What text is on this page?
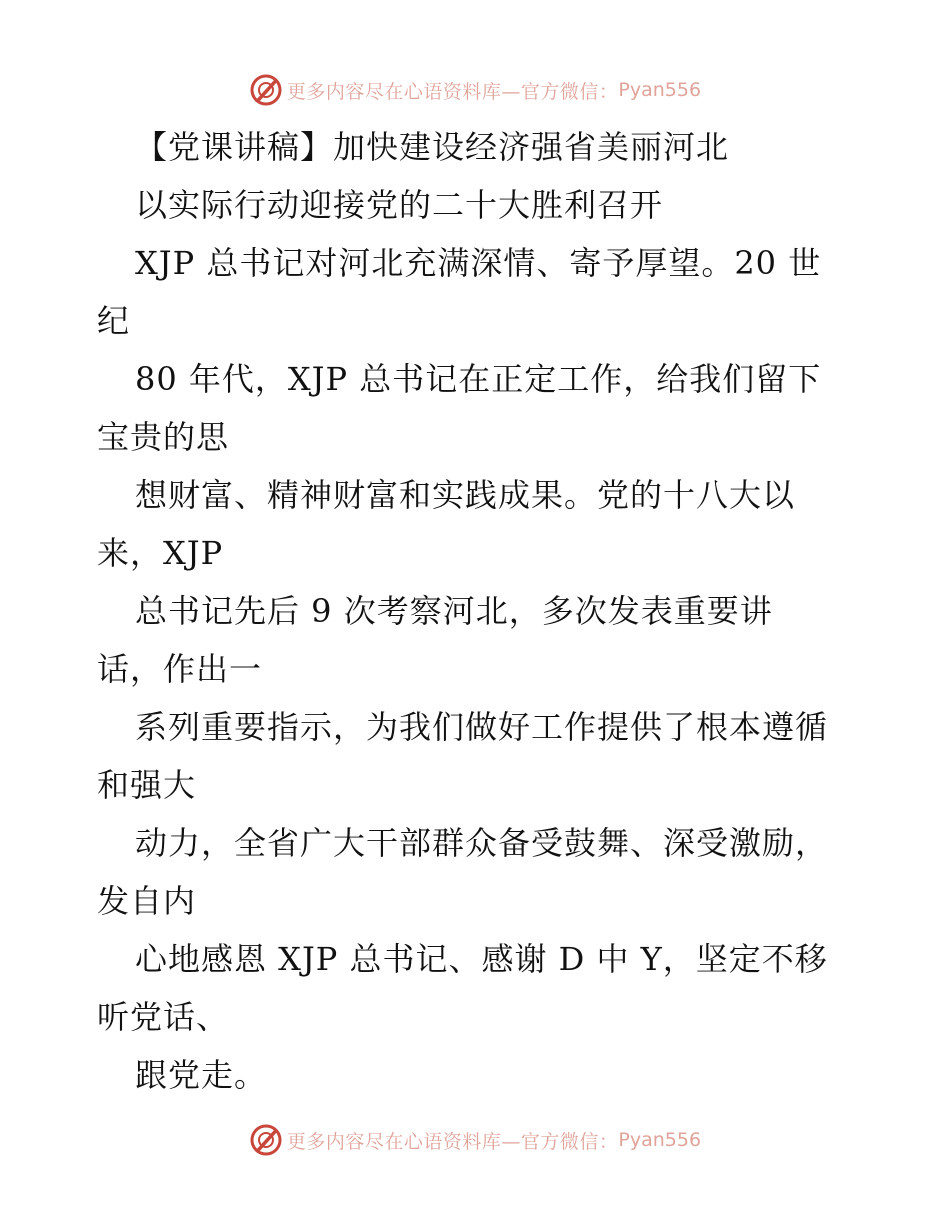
更多内容尽在心语资料库—官方微信： Pyan556
【党课讲稿】加快建设经济强省美丽河北
以实际行动迎接党的二十大胜利召开
XJP 总书记对河北充满深情、寄予厚望。20 世
纪
80 年代，XJP 总书记在正定工作，给我们留下
宝贵的思
想财富、精神财富和实践成果。党的十八大以
来，XJP
总书记先后 9 次考察河北，多次发表重要讲
话，作出一
系列重要指示，为我们做好工作提供了根本遵循
和强大
动力，全省广大干部群众备受鼓舞、深受激励，
发自内
心地感恩 XJP 总书记、感谢 D 中 Y，坚定不移
听党话、
跟党走。
更多内容尽在心语资料库—官方微信： Pyan556
